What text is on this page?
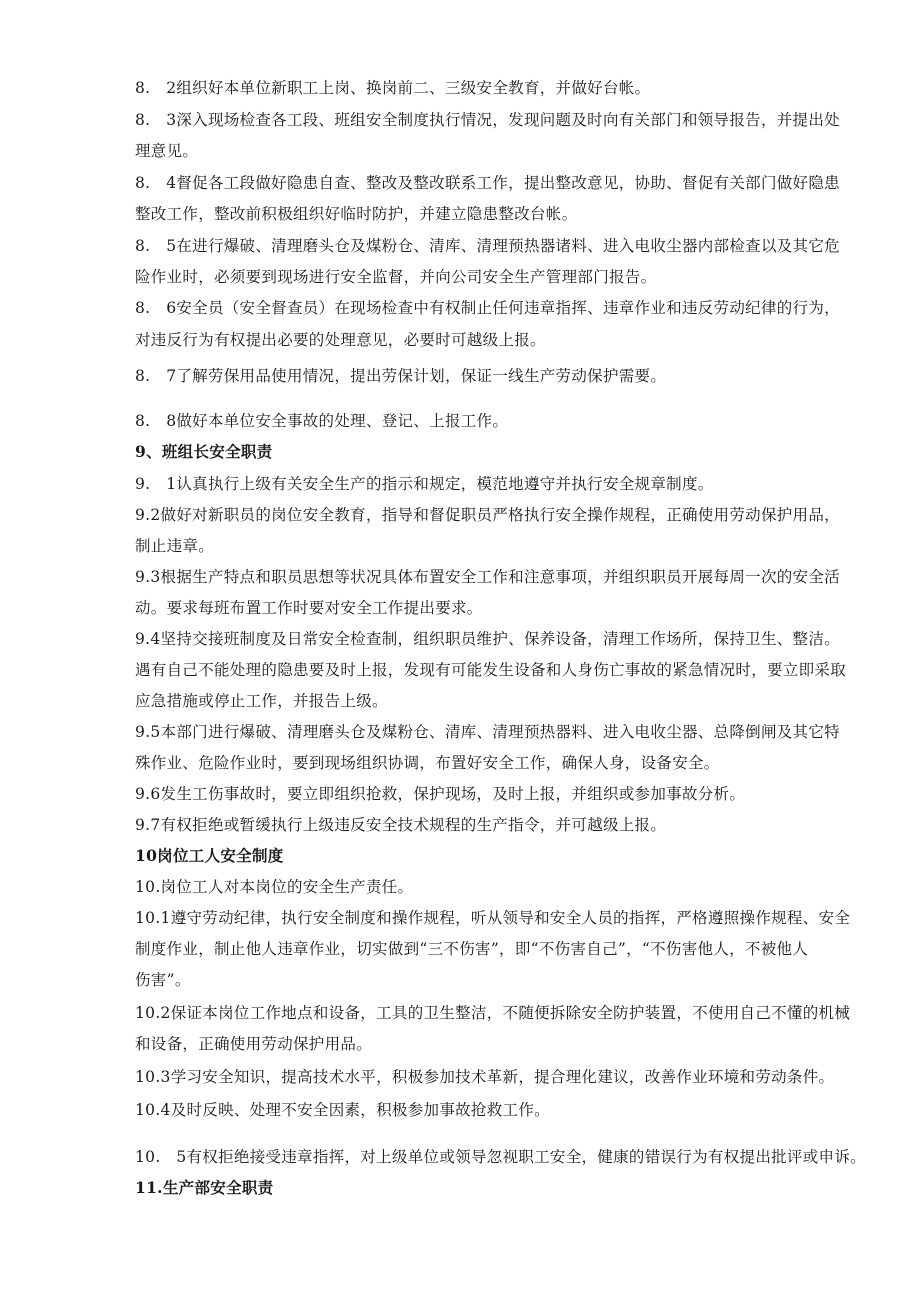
8.　2组织好本单位新职工上岗、换岗前二、三级安全教育，并做好台帐。
8.　3深入现场检查各工段、班组安全制度执行情况，发现问题及时向有关部门和领导报告，并提出处
理意见。
8.　4督促各工段做好隐患自查、整改及整改联系工作，提出整改意见，协助、督促有关部门做好隐患
整改工作，整改前积极组织好临时防护，并建立隐患整改台帐。
8.　5在进行爆破、清理磨头仓及煤粉仓、清库、清理预热器诸料、进入电收尘器内部检查以及其它危
险作业时，必须要到现场进行安全监督，并向公司安全生产管理部门报告。
8.　6安全员（安全督查员）在现场检查中有权制止任何违章指挥、违章作业和违反劳动纪律的行为，
对违反行为有权提出必要的处理意见，必要时可越级上报。
8.　7了解劳保用品使用情况，提出劳保计划，保证一线生产劳动保护需要。
8.　8做好本单位安全事故的处理、登记、上报工作。
9、班组长安全职责
9.　1认真执行上级有关安全生产的指示和规定，模范地遵守并执行安全规章制度。
9.2做好对新职员的岗位安全教育，指导和督促职员严格执行安全操作规程，正确使用劳动保护用品，
制止违章。
9.3根据生产特点和职员思想等状况具体布置安全工作和注意事项，并组织职员开展每周一次的安全活
动。要求每班布置工作时要对安全工作提出要求。
9.4坚持交接班制度及日常安全检查制，组织职员维护、保养设备，清理工作场所，保持卫生、整洁。
遇有自己不能处理的隐患要及时上报，发现有可能发生设备和人身伤亡事故的紧急情况时，要立即采取
应急措施或停止工作，并报告上级。
9.5本部门进行爆破、清理磨头仓及煤粉仓、清库、清理预热器料、进入电收尘器、总降倒闸及其它特
殊作业、危险作业时，要到现场组织协调，布置好安全工作，确保人身，设备安全。
9.6发生工伤事故时，要立即组织抢救，保护现场，及时上报，并组织或参加事故分析。
9.7有权拒绝或暂缓执行上级违反安全技术规程的生产指令，并可越级上报。
10岗位工人安全制度
10.岗位工人对本岗位的安全生产责任。
10.1遵守劳动纪律，执行安全制度和操作规程，听从领导和安全人员的指挥，严格遵照操作规程、安全
制度作业，制止他人违章作业，切实做到“三不伤害”，即“不伤害自己”，“不伤害他人，不被他人
伤害”。
10.2保证本岗位工作地点和设备，工具的卫生整洁，不随便拆除安全防护装置，不使用自己不懂的机械
和设备，正确使用劳动保护用品。
10.3学习安全知识，提高技术水平，积极参加技术革新，提合理化建议，改善作业环境和劳动条件。
10.4及时反映、处理不安全因素，积极参加事故抢救工作。
10.　5有权拒绝接受违章指挥，对上级单位或领导忽视职工安全，健康的错误行为有权提出批评或申诉。
11.生产部安全职责
